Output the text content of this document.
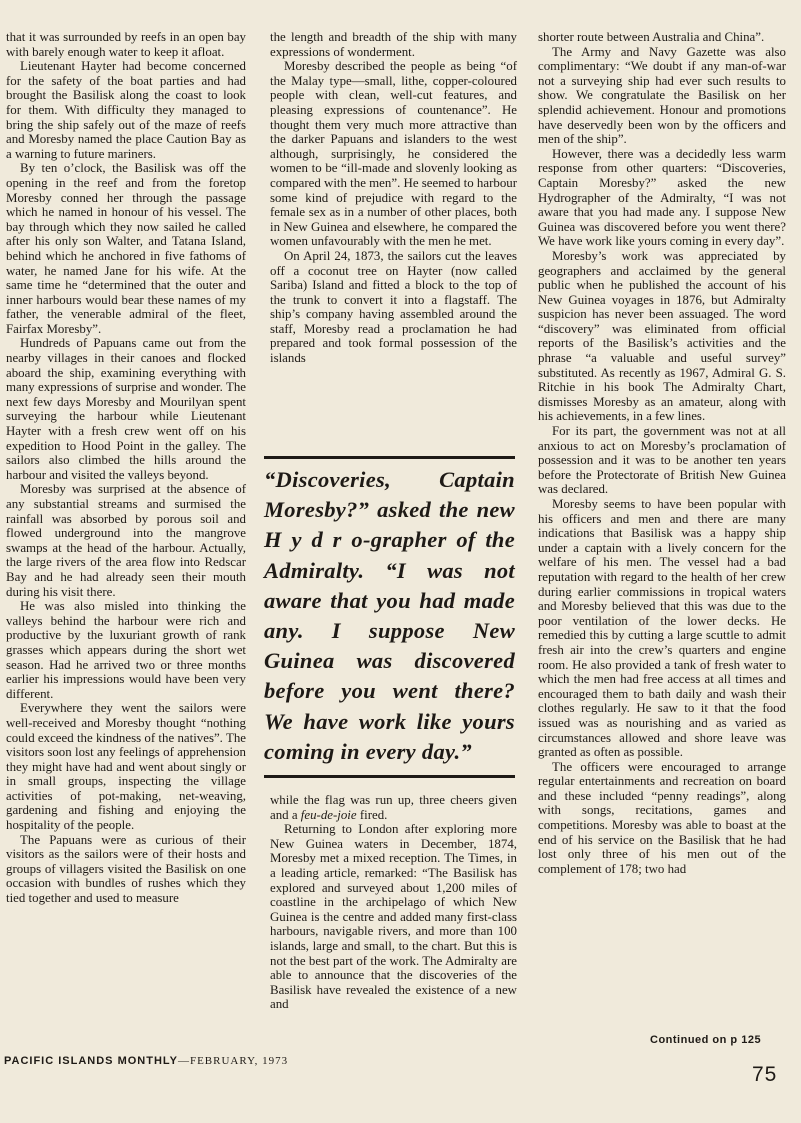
that it was surrounded by reefs in an open bay with barely enough water to keep it afloat.

Lieutenant Hayter had become concerned for the safety of the boat parties and had brought the Basilisk along the coast to look for them. With difficulty they managed to bring the ship safely out of the maze of reefs and Moresby named the place Caution Bay as a warning to future mariners.

By ten o’clock, the Basilisk was off the opening in the reef and from the foretop Moresby conned her through the passage which he named in honour of his vessel. The bay through which they now sailed he called after his only son Walter, and Tatana Island, behind which he anchored in five fathoms of water, he named Jane for his wife. At the same time he “determined that the outer and inner harbours would bear these names of my father, the venerable admiral of the fleet, Fairfax Moresby”.

Hundreds of Papuans came out from the nearby villages in their canoes and flocked aboard the ship, examining everything with many expressions of surprise and wonder. The next few days Moresby and Mourilyan spent surveying the harbour while Lieutenant Hayter with a fresh crew went off on his expedition to Hood Point in the galley. The sailors also climbed the hills around the harbour and visited the valleys beyond.

Moresby was surprised at the absence of any substantial streams and surmised the rainfall was absorbed by porous soil and flowed underground into the mangrove swamps at the head of the harbour. Actually, the large rivers of the area flow into Redscar Bay and he had already seen their mouth during his visit there.

He was also misled into thinking the valleys behind the harbour were rich and productive by the luxuriant growth of rank grasses which appears during the short wet season. Had he arrived two or three months earlier his impressions would have been very different.

Everywhere they went the sailors were well-received and Moresby thought “nothing could exceed the kindness of the natives”. The visitors soon lost any feelings of apprehension they might have had and went about singly or in small groups, inspecting the village activities of pot-making, net-weaving, gardening and fishing and enjoying the hospitality of the people.

The Papuans were as curious of their visitors as the sailors were of their hosts and groups of villagers visited the Basilisk on one occasion with bundles of rushes which they tied together and used to measure

the length and breadth of the ship with many expressions of wonderment.

Moresby described the people as being “of the Malay type—small, lithe, copper-coloured people with clean, well-cut features, and pleasing expressions of countenance”. He thought them very much more attractive than the darker Papuans and islanders to the west although, surprisingly, he considered the women to be “ill-made and slovenly looking as compared with the men”. He seemed to harbour some kind of prejudice with regard to the female sex as in a number of other places, both in New Guinea and elsewhere, he compared the women unfavourably with the men he met.

On April 24, 1873, the sailors cut the leaves off a coconut tree on Hayter (now called Sariba) Island and fitted a block to the top of the trunk to convert it into a flagstaff. The ship’s company having assembled around the staff, Moresby read a proclamation he had prepared and took formal possession of the islands

“Discoveries, Captain Moresby?” asked the new H y d r o-grapher of the Admiralty. “I was not aware that you had made any. I suppose New Guinea was discovered before you went there? We have work like yours coming in every day.”

while the flag was run up, three cheers given and a feu-de-joie fired.

Returning to London after exploring more New Guinea waters in December, 1874, Moresby met a mixed reception. The Times, in a leading article, remarked: “The Basilisk has explored and surveyed about 1,200 miles of coastline in the archipelago of which New Guinea is the centre and added many first-class harbours, navigable rivers, and more than 100 islands, large and small, to the chart. But this is not the best part of the work. The Admiralty are able to announce that the discoveries of the Basilisk have revealed the existence of a new and

shorter route between Australia and China”.

The Army and Navy Gazette was also complimentary: “We doubt if any man-of-war not a surveying ship had ever such results to show. We congratulate the Basilisk on her splendid achievement. Honour and promotions have deservedly been won by the officers and men of the ship”.

However, there was a decidedly less warm response from other quarters: “Discoveries, Captain Moresby?” asked the new Hydrographer of the Admiralty, “I was not aware that you had made any. I suppose New Guinea was discovered before you went there? We have work like yours coming in every day”.

Moresby’s work was appreciated by geographers and acclaimed by the general public when he published the account of his New Guinea voyages in 1876, but Admiralty suspicion has never been assuaged. The word “discovery” was eliminated from official reports of the Basilisk’s activities and the phrase “a valuable and useful survey” substituted. As recently as 1967, Admiral G. S. Ritchie in his book The Admiralty Chart, dismisses Moresby as an amateur, along with his achievements, in a few lines.

For its part, the government was not at all anxious to act on Moresby’s proclamation of possession and it was to be another ten years before the Protectorate of British New Guinea was declared.

Moresby seems to have been popular with his officers and men and there are many indications that Basilisk was a happy ship under a captain with a lively concern for the welfare of his men. The vessel had a bad reputation with regard to the health of her crew during earlier commissions in tropical waters and Moresby believed that this was due to the poor ventilation of the lower decks. He remedied this by cutting a large scuttle to admit fresh air into the crew’s quarters and engine room. He also provided a tank of fresh water to which the men had free access at all times and encouraged them to bath daily and wash their clothes regularly. He saw to it that the food issued was as nourishing and as varied as circumstances allowed and shore leave was granted as often as possible.

The officers were encouraged to arrange regular entertainments and recreation on board and these included “penny readings”, along with songs, recitations, games and competitions. Moresby was able to boast at the end of his service on the Basilisk that he had lost only three of his men out of the complement of 178; two had

Continued on p 125
PACIFIC ISLANDS MONTHLY—FEBRUARY, 1973
75
